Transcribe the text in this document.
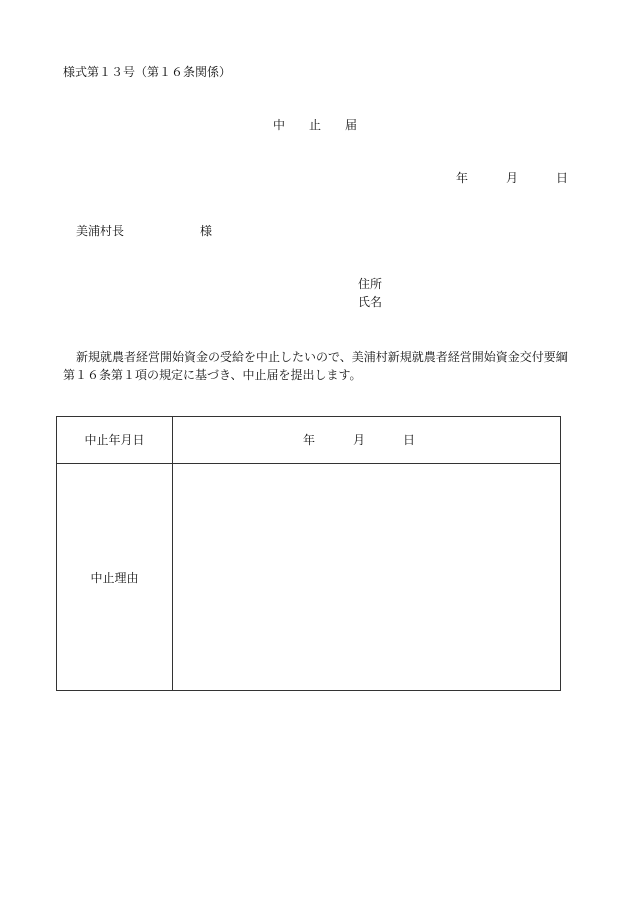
様式第１３号（第１６条関係）
中 止 届
年	月	日
美浦村長	様
住所
氏名
新規就農者経営開始資金の受給を中止したいので、美浦村新規就農者経営開始資金交付要綱第１６条第１項の規定に基づき、中止届を提出します。
中止年月日	年	月	日
中止理由
